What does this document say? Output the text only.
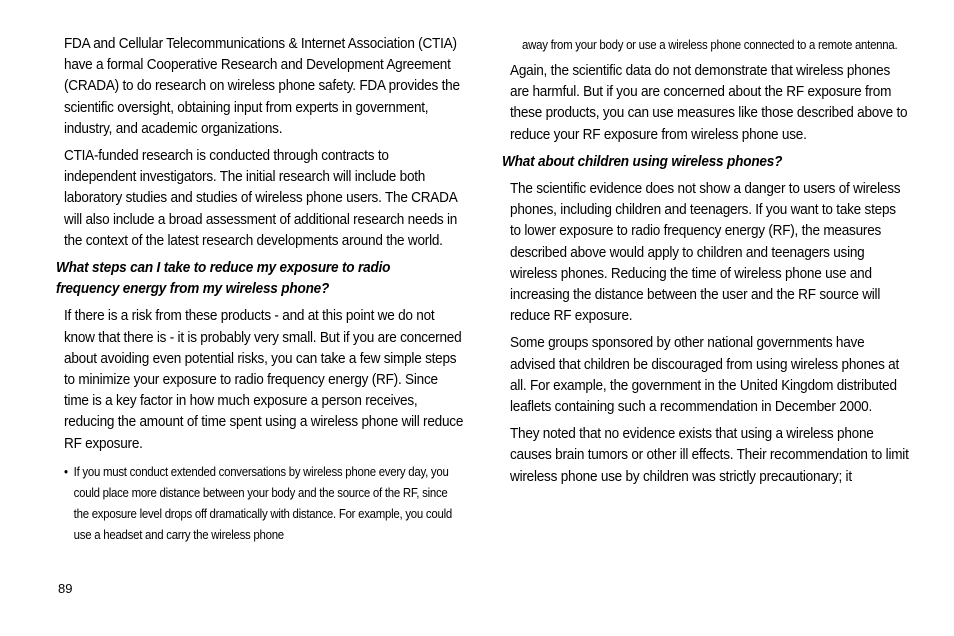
FDA and Cellular Telecommunications & Internet Association (CTIA) have a formal Cooperative Research and Development Agreement (CRADA) to do research on wireless phone safety. FDA provides the scientific oversight, obtaining input from experts in government, industry, and academic organizations.

CTIA-funded research is conducted through contracts to independent investigators. The initial research will include both laboratory studies and studies of wireless phone users. The CRADA will also include a broad assessment of additional research needs in the context of the latest research developments around the world.

What steps can I take to reduce my exposure to radio frequency energy from my wireless phone?

If there is a risk from these products - and at this point we do not know that there is - it is probably very small. But if you are concerned about avoiding even potential risks, you can take a few simple steps to minimize your exposure to radio frequency energy (RF). Since time is a key factor in how much exposure a person receives, reducing the amount of time spent using a wireless phone will reduce RF exposure.

• If you must conduct extended conversations by wireless phone every day, you could place more distance between your body and the source of the RF, since the exposure level drops off dramatically with distance. For example, you could use a headset and carry the wireless phone

away from your body or use a wireless phone connected to a remote antenna.

Again, the scientific data do not demonstrate that wireless phones are harmful. But if you are concerned about the RF exposure from these products, you can use measures like those described above to reduce your RF exposure from wireless phone use.

What about children using wireless phones?

The scientific evidence does not show a danger to users of wireless phones, including children and teenagers. If you want to take steps to lower exposure to radio frequency energy (RF), the measures described above would apply to children and teenagers using wireless phones. Reducing the time of wireless phone use and increasing the distance between the user and the RF source will reduce RF exposure.

Some groups sponsored by other national governments have advised that children be discouraged from using wireless phones at all. For example, the government in the United Kingdom distributed leaflets containing such a recommendation in December 2000.

They noted that no evidence exists that using a wireless phone causes brain tumors or other ill effects. Their recommendation to limit wireless phone use by children was strictly precautionary; it

89
